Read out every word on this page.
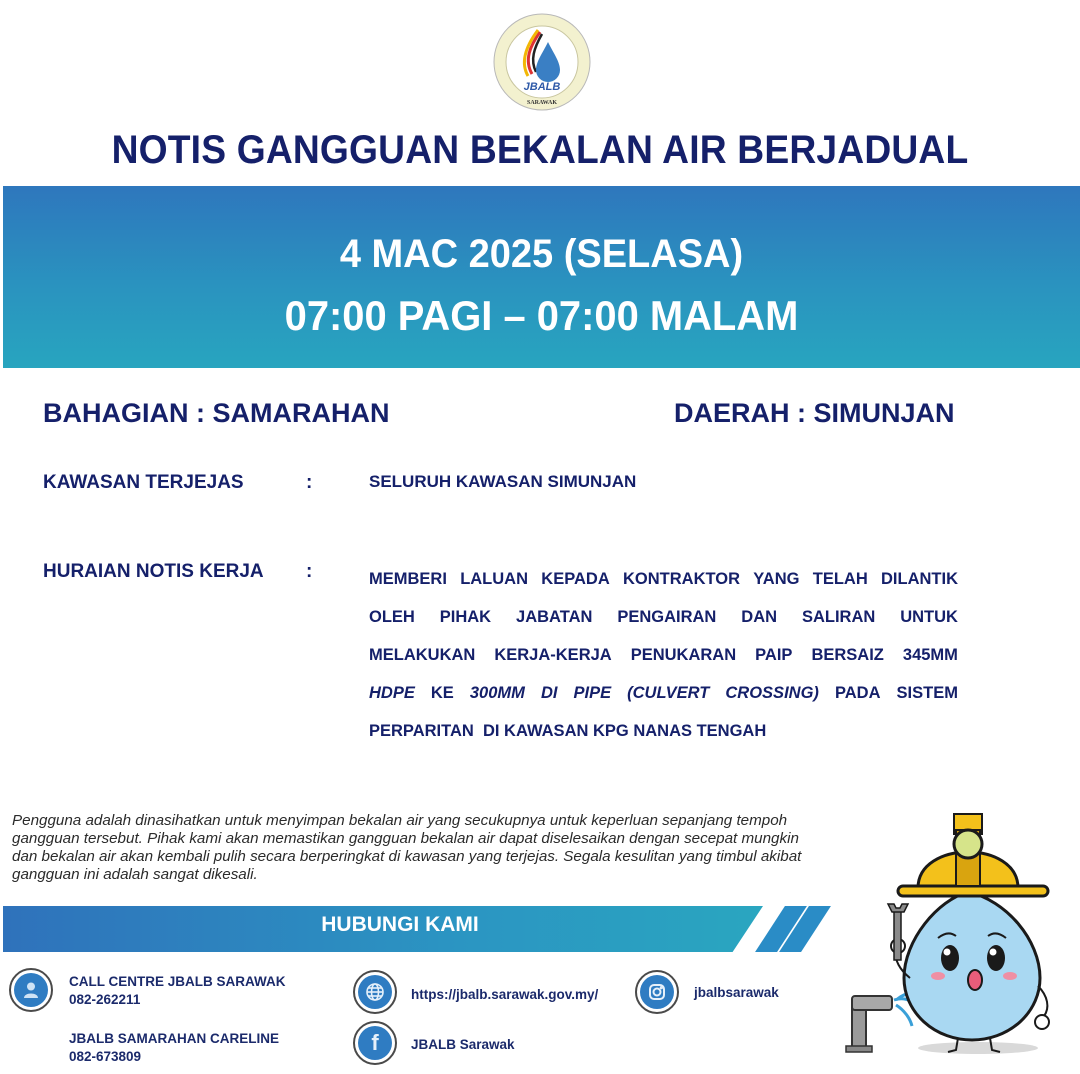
JBALB
SARAWAK
NOTIS GANGGUAN BEKALAN AIR BERJADUAL
4 MAC 2025 (SELASA)
07:00 PAGI – 07:00 MALAM
BAHAGIAN : SAMARAHAN	DAERAH : SIMUNJAN
KAWASAN TERJEJAS	:	SELURUH KAWASAN SIMUNJAN
HURAIAN NOTIS KERJA :	MEMBERI LALUAN KEPADA KONTRAKTOR YANG TELAH DILANTIK
OLEH PIHAK JABATAN PENGAIRAN DAN SALIRAN UNTUK
MELAKUKAN KERJA-KERJA PENUKARAN PAIP BERSAIZ 345MM
HDPE KE 300MM DI PIPE (CULVERT CROSSING) PADA SISTEM
PERPARITAN  DI KAWASAN KPG NANAS TENGAH
Pengguna adalah dinasihatkan untuk menyimpan bekalan air yang secukupnya untuk keperluan sepanjang tempoh gangguan tersebut. Pihak kami akan memastikan gangguan bekalan air dapat diselesaikan dengan secepat mungkin dan bekalan air akan kembali pulih secara berperingkat di kawasan yang terjejas. Segala kesulitan yang timbul akibat gangguan ini adalah sangat dikesali.
HUBUNGI KAMI
CALL CENTRE JBALB SARAWAK
082-262211
JBALB SAMARAHAN CARELINE
082-673809
https://jbalb.sarawak.gov.my/
f JBALB Sarawak
jbalbsarawak
